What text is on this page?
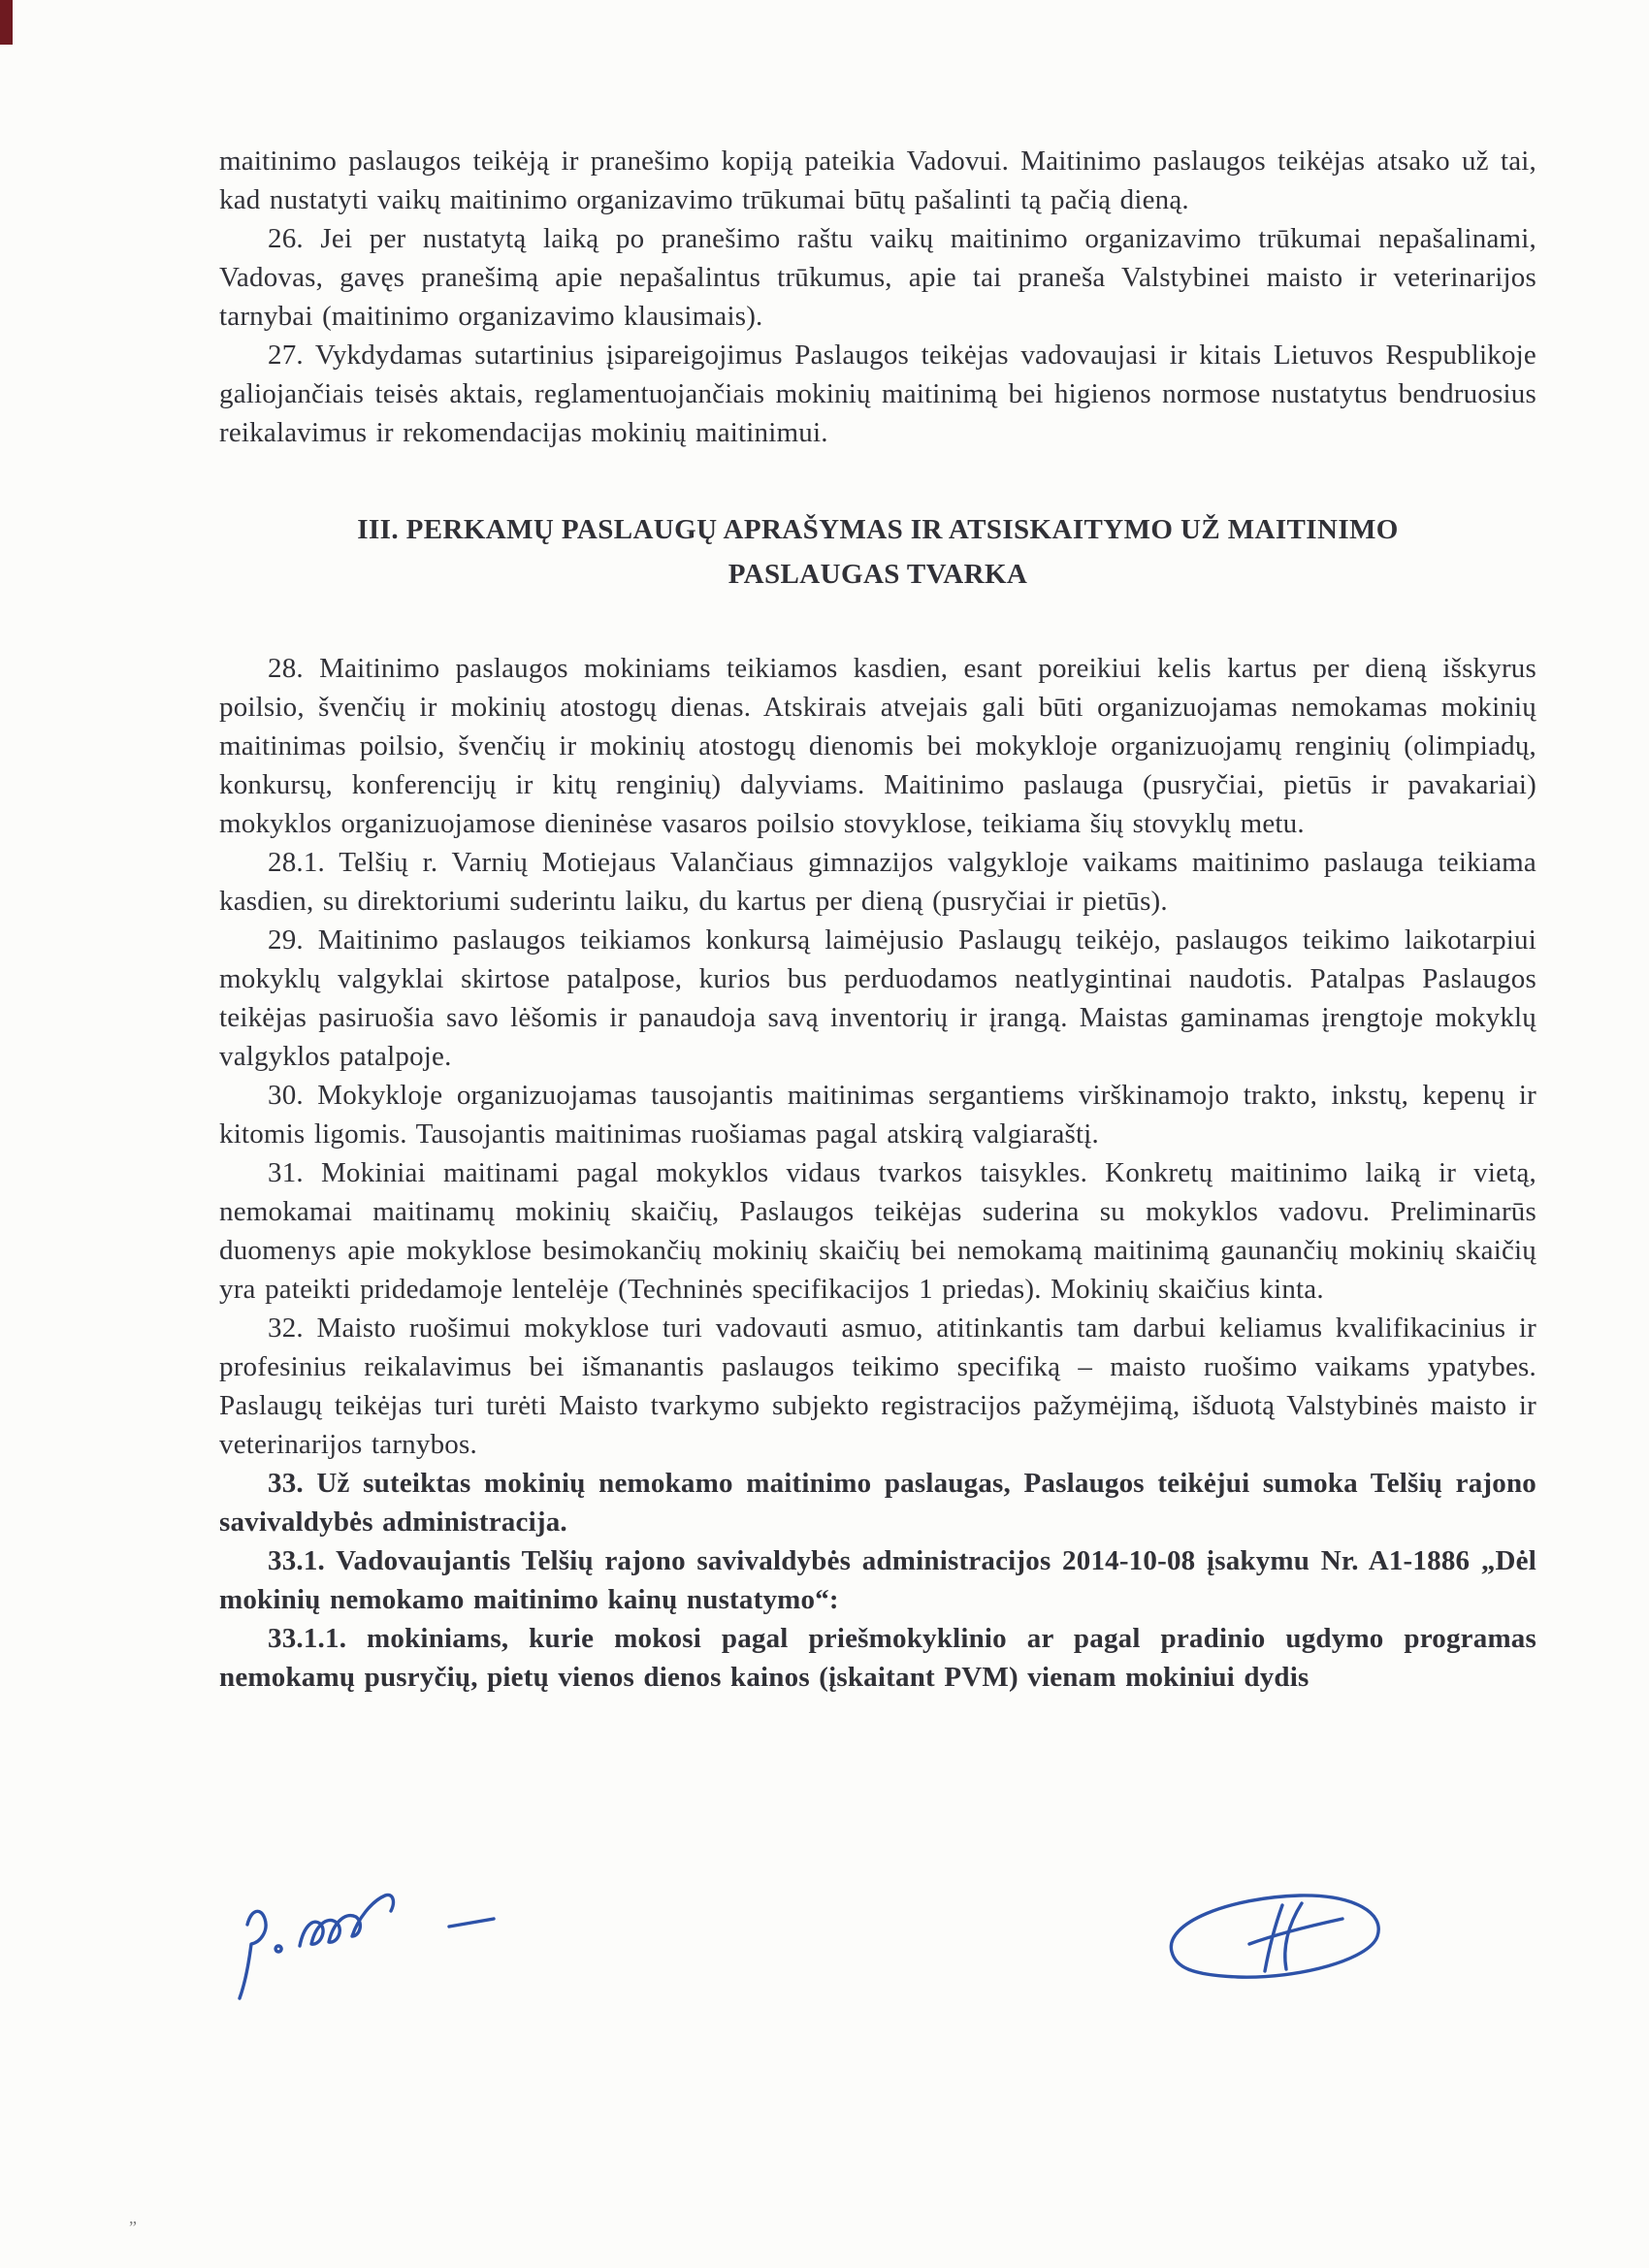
maitinimo paslaugos teikėją ir pranešimo kopiją pateikia Vadovui. Maitinimo paslaugos teikėjas atsako už tai, kad nustatyti vaikų maitinimo organizavimo trūkumai būtų pašalinti tą pačią dieną.

26. Jei per nustatytą laiką po pranešimo raštu vaikų maitinimo organizavimo trūkumai nepašalinami, Vadovas, gavęs pranešimą apie nepašalintus trūkumus, apie tai praneša Valstybinei maisto ir veterinarijos tarnybai (maitinimo organizavimo klausimais).

27. Vykdydamas sutartinius įsipareigojimus Paslaugos teikėjas vadovaujasi ir kitais Lietuvos Respublikoje galiojančiais teisės aktais, reglamentuojančiais mokinių maitinimą bei higienos normose nustatytus bendruosius reikalavimus ir rekomendacijas mokinių maitinimui.

III. PERKAMŲ PASLAUGŲ APRAŠYMAS IR ATSISKAITYMO UŽ MAITINIMO
PASLAUGAS TVARKA

28. Maitinimo paslaugos mokiniams teikiamos kasdien, esant poreikiui kelis kartus per dieną išskyrus poilsio, švenčių ir mokinių atostogų dienas. Atskirais atvejais gali būti organizuojamas nemokamas mokinių maitinimas poilsio, švenčių ir mokinių atostogų dienomis bei mokykloje organizuojamų renginių (olimpiadų, konkursų, konferencijų ir kitų renginių) dalyviams. Maitinimo paslauga (pusryčiai, pietūs ir pavakariai) mokyklos organizuojamose dieninėse vasaros poilsio stovyklose, teikiama šių stovyklų metu.

28.1. Telšių r. Varnių Motiejaus Valančiaus gimnazijos valgykloje vaikams maitinimo paslauga teikiama kasdien, su direktoriumi suderintu laiku, du kartus per dieną (pusryčiai ir pietūs).

29. Maitinimo paslaugos teikiamos konkursą laimėjusio Paslaugų teikėjo, paslaugos teikimo laikotarpiui mokyklų valgyklai skirtose patalpose, kurios bus perduodamos neatlygintinai naudotis. Patalpas Paslaugos teikėjas pasiruošia savo lėšomis ir panaudoja savą inventorių ir įrangą. Maistas gaminamas įrengtoje mokyklų valgyklos patalpoje.

30. Mokykloje organizuojamas tausojantis maitinimas sergantiems virškinamojo trakto, inkstų, kepenų ir kitomis ligomis. Tausojantis maitinimas ruošiamas pagal atskirą valgiaraštį.

31. Mokiniai maitinami pagal mokyklos vidaus tvarkos taisykles. Konkretų maitinimo laiką ir vietą, nemokamai maitinamų mokinių skaičių, Paslaugos teikėjas suderina su mokyklos vadovu. Preliminarūs duomenys apie mokyklose besimokančių mokinių skaičių bei nemokamą maitinimą gaunančių mokinių skaičių yra pateikti pridedamoje lentelėje (Techninės specifikacijos 1 priedas). Mokinių skaičius kinta.

32. Maisto ruošimui mokyklose turi vadovauti asmuo, atitinkantis tam darbui keliamus kvalifikacinius ir profesinius reikalavimus bei išmanantis paslaugos teikimo specifiką – maisto ruošimo vaikams ypatybes. Paslaugų teikėjas turi turėti Maisto tvarkymo subjekto registracijos pažymėjimą, išduotą Valstybinės maisto ir veterinarijos tarnybos.

33. Už suteiktas mokinių nemokamo maitinimo paslaugas, Paslaugos teikėjui sumoka Telšių rajono savivaldybės administracija.

33.1. Vadovaujantis Telšių rajono savivaldybės administracijos 2014-10-08 įsakymu Nr. A1-1886 „Dėl mokinių nemokamo maitinimo kainų nustatymo“:

33.1.1. mokiniams, kurie mokosi pagal priešmokyklinio ar pagal pradinio ugdymo programas nemokamų pusryčių, pietų vienos dienos kainos (įskaitant PVM) vienam mokiniui dydis

”
